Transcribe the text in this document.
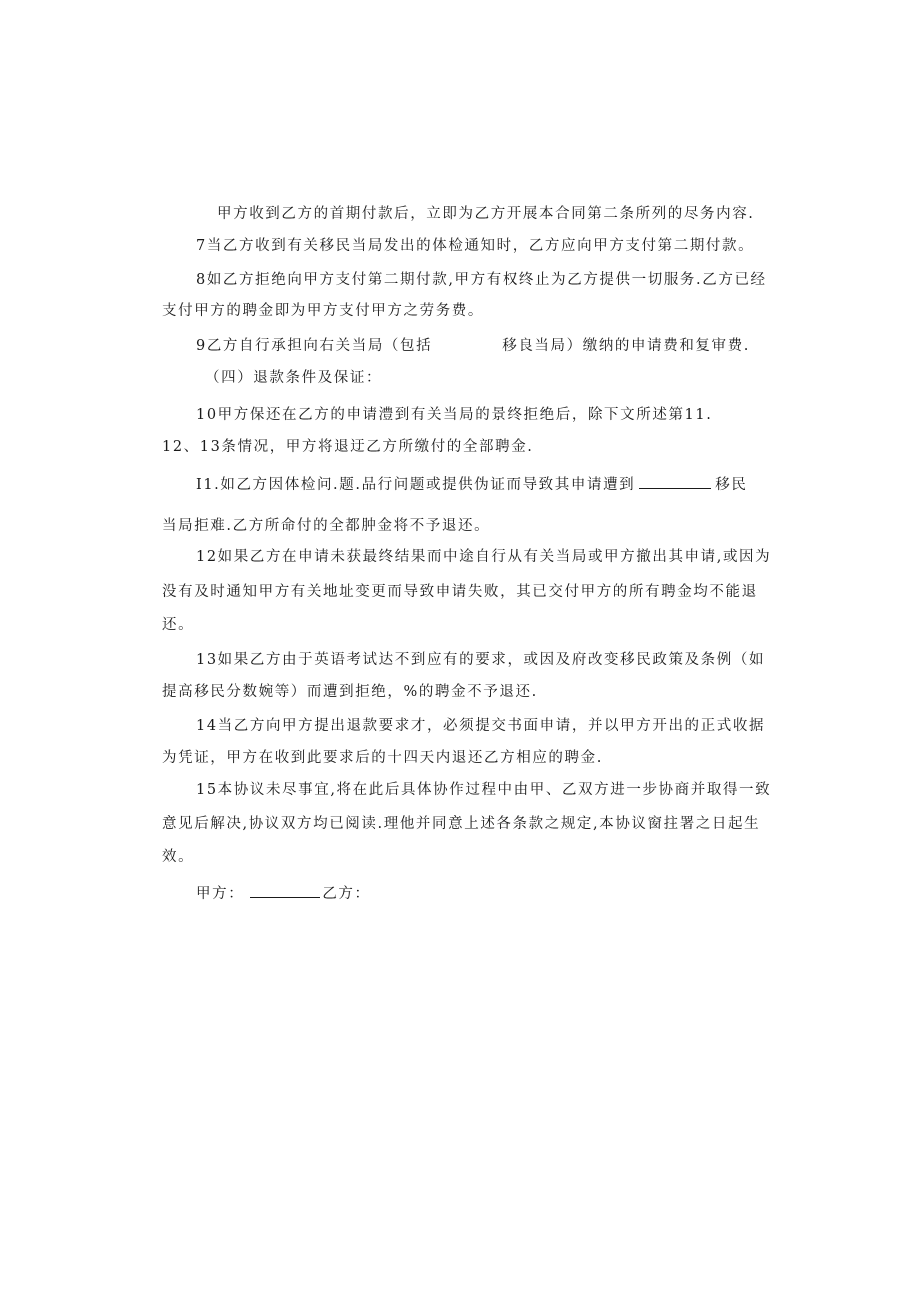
甲方收到乙方的首期付款后，立即为乙方开展本合同第二条所列的尽务内容.
7当乙方收到有关移民当局发出的体检通知时，乙方应向甲方支付第二期付款。
8如乙方拒绝向甲方支付第二期付款,甲方有权终止为乙方提供一切服务.乙方已经
支付甲方的聘金即为甲方支付甲方之劳务费。
9乙方自行承担向右关当局（包括	移良当局）缴纳的申请费和复审费.
（四）退款条件及保证：
10甲方保还在乙方的申请澧到有关当局的景终拒绝后，除下文所述第11.
12、13条情况，甲方将退迂乙方所缴付的全部聘金.
I1.如乙方因体检问.题.品行问题或提供伪证而导致其申请遭到	移民
当局拒难.乙方所命付的全都肿金将不予退还。
12如果乙方在申请未获最终结果而中途自行从有关当局或甲方撤出其申请,或因为
没有及时通知甲方有关地址变更而导致申请失败，其已交付甲方的所有聘金均不能退
还。
13如果乙方由于英语考试达不到应有的要求，或因及府改变移民政策及条例（如
提高移民分数婉等）而遭到拒绝，%的聘金不予退还.
14当乙方向甲方提出退款要求才，必须提交书面申请，并以甲方开出的正式收据
为凭证，甲方在收到此要求后的十四天内退还乙方相应的聘金.
15本协议未尽事宜,将在此后具体协作过程中由甲、乙双方进一步协商并取得一致
意见后解决,协议双方均已阅读.理他并同意上述各条款之规定,本协议窗拄署之日起生
效。
甲方：	乙方：
